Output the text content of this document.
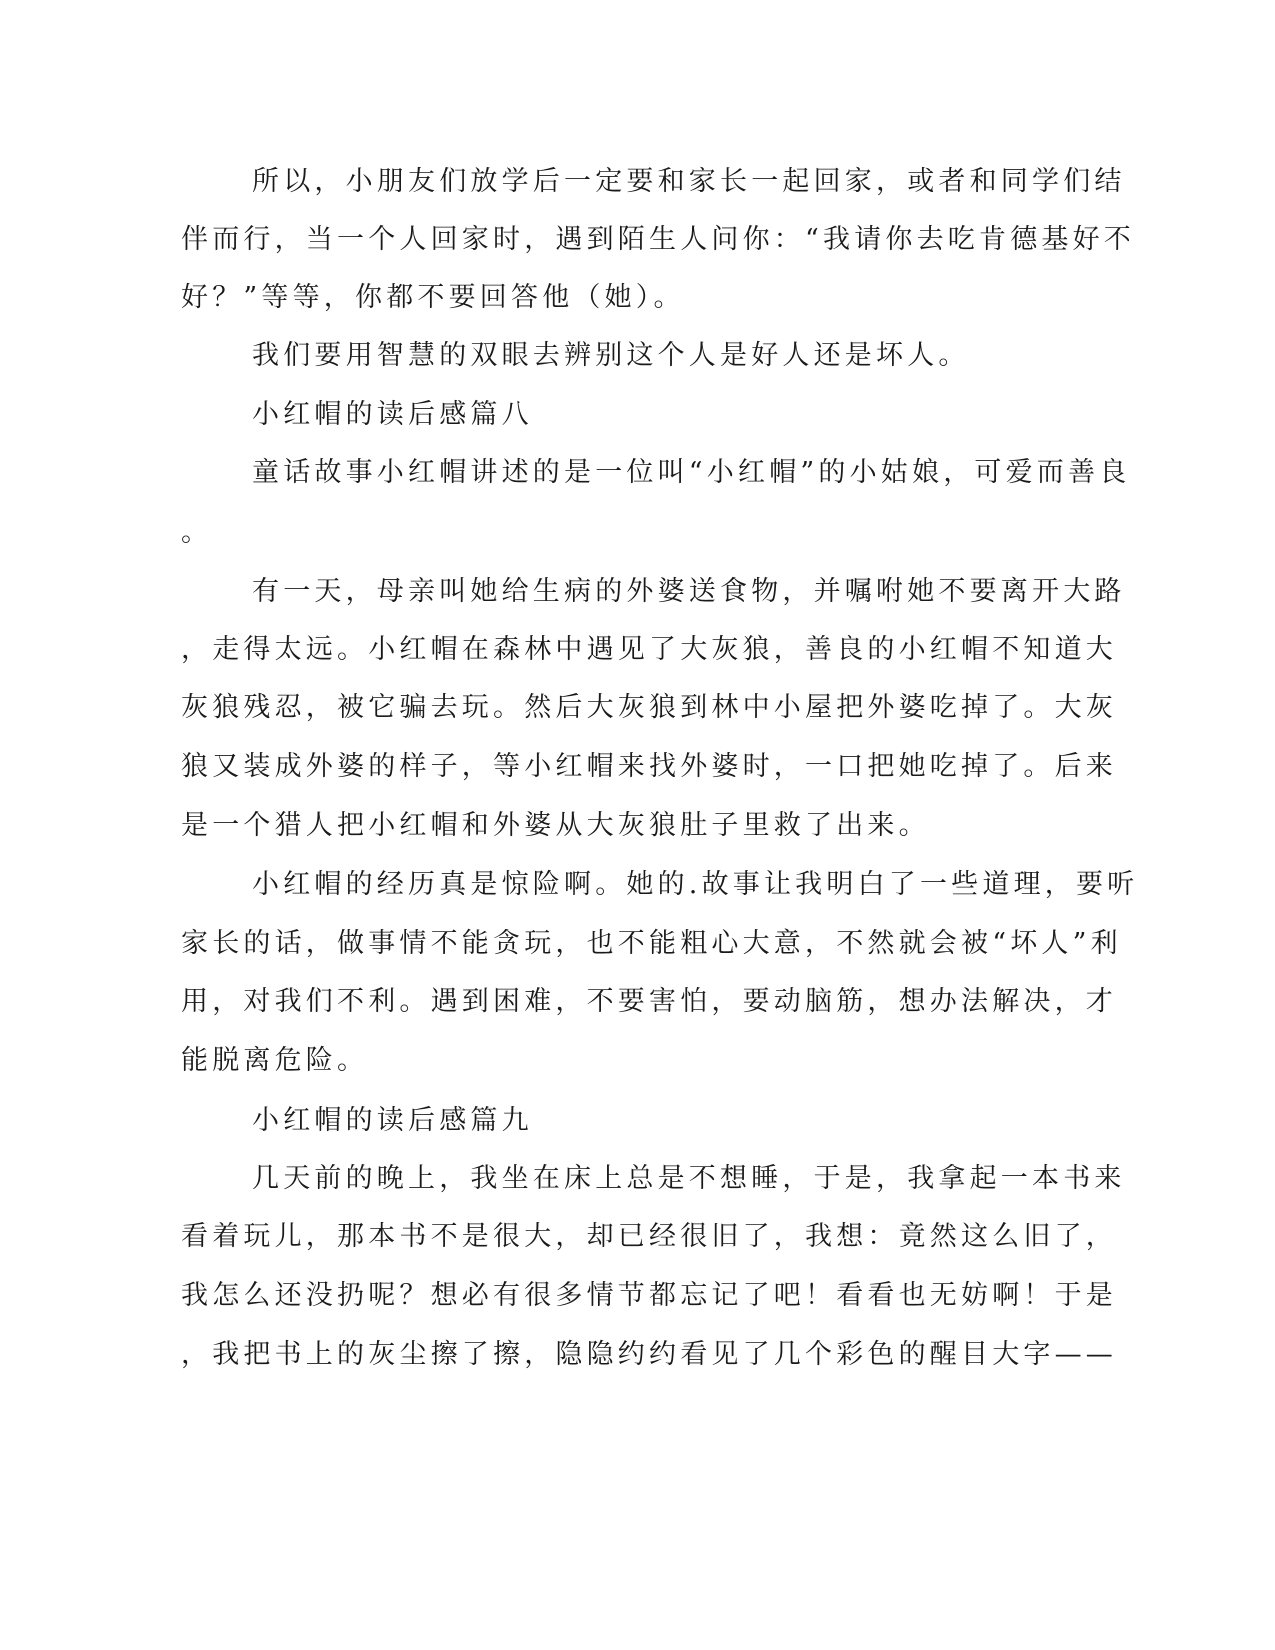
所以，小朋友们放学后一定要和家长一起回家，或者和同学们结

伴而行，当一个人回家时，遇到陌生人问你：“我请你去吃肯德基好不

好？”等等，你都不要回答他（她）。

我们要用智慧的双眼去辨别这个人是好人还是坏人。

小红帽的读后感篇八

童话故事小红帽讲述的是一位叫“小红帽”的小姑娘，可爱而善良

。

有一天，母亲叫她给生病的外婆送食物，并嘱咐她不要离开大路

，走得太远。小红帽在森林中遇见了大灰狼，善良的小红帽不知道大

灰狼残忍，被它骗去玩。然后大灰狼到林中小屋把外婆吃掉了。大灰

狼又装成外婆的样子，等小红帽来找外婆时，一口把她吃掉了。后来

是一个猎人把小红帽和外婆从大灰狼肚子里救了出来。

小红帽的经历真是惊险啊。她的.故事让我明白了一些道理，要听

家长的话，做事情不能贪玩，也不能粗心大意，不然就会被“坏人”利

用，对我们不利。遇到困难，不要害怕，要动脑筋，想办法解决，才

能脱离危险。

小红帽的读后感篇九

几天前的晚上，我坐在床上总是不想睡，于是，我拿起一本书来

看着玩儿，那本书不是很大，却已经很旧了，我想：竟然这么旧了，

我怎么还没扔呢？想必有很多情节都忘记了吧！看看也无妨啊！于是

，我把书上的灰尘擦了擦，隐隐约约看见了几个彩色的醒目大字——
